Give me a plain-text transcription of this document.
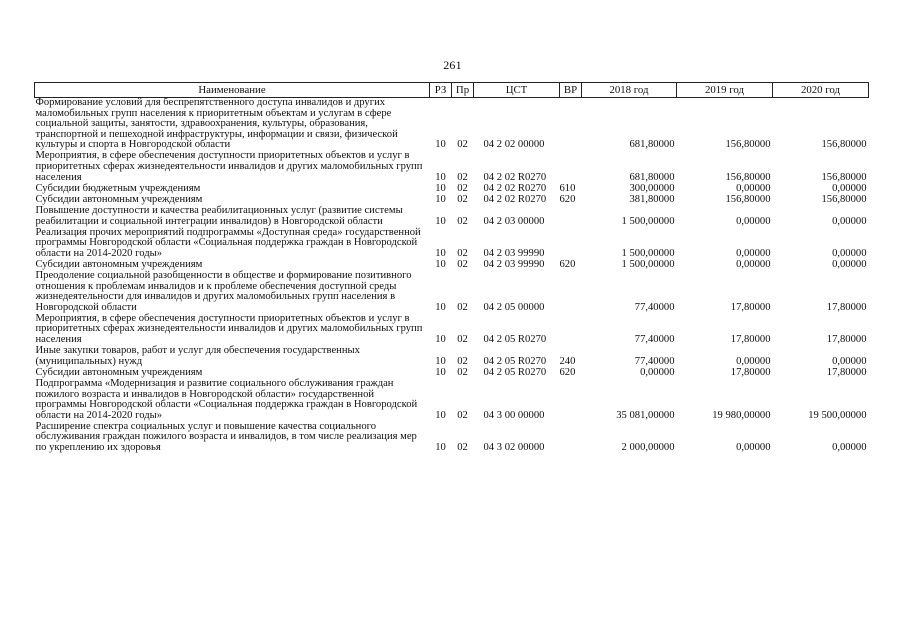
261
Наименование	РЗ	Пр	ЦСТ	ВР	2018 год	2019 год	2020 год
Формирование условий для беспрепятственного доступа инвалидов и других маломобильных групп населения к приоритетным объектам и услугам в сфере социальной защиты, занятости, здравоохранения, культуры, образования, транспортной и пешеходной инфраструктуры, информации и связи, физической культуры и спорта в Новгородской области	10	02	04 2 02 00000		681,80000	156,80000	156,80000
Мероприятия, в сфере обеспечения доступности приоритетных объектов и услуг в приоритетных сферах жизнедеятельности инвалидов и других маломобильных групп населения	10	02	04 2 02 R0270		681,80000	156,80000	156,80000
Субсидии бюджетным учреждениям	10	02	04 2 02 R0270	610	300,00000	0,00000	0,00000
Субсидии автономным учреждениям	10	02	04 2 02 R0270	620	381,80000	156,80000	156,80000
Повышение доступности и качества реабилитационных услуг (развитие системы реабилитации и социальной интеграции инвалидов) в Новгородской области	10	02	04 2 03 00000		1 500,00000	0,00000	0,00000
Реализация прочих мероприятий подпрограммы «Доступная среда» государственной программы Новгородской области «Социальная поддержка граждан в Новгородской области на 2014-2020 годы»	10	02	04 2 03 99990		1 500,00000	0,00000	0,00000
Субсидии автономным учреждениям	10	02	04 2 03 99990	620	1 500,00000	0,00000	0,00000
Преодоление социальной разобщенности в обществе и формирование позитивного отношения к проблемам инвалидов и к проблеме обеспечения доступной среды жизнедеятельности для инвалидов и других маломобильных групп населения в Новгородской области	10	02	04 2 05 00000		77,40000	17,80000	17,80000
Мероприятия, в сфере обеспечения доступности приоритетных объектов и услуг в приоритетных сферах жизнедеятельности инвалидов и других маломобильных групп населения	10	02	04 2 05 R0270		77,40000	17,80000	17,80000
Иные закупки товаров, работ и услуг для обеспечения государственных (муниципальных) нужд	10	02	04 2 05 R0270	240	77,40000	0,00000	0,00000
Субсидии автономным учреждениям	10	02	04 2 05 R0270	620	0,00000	17,80000	17,80000
Подпрограмма «Модернизация и развитие социального обслуживания граждан пожилого возраста и инвалидов в Новгородской области» государственной программы Новгородской области «Социальная поддержка граждан в Новгородской области на 2014-2020 годы»	10	02	04 3 00 00000		35 081,00000	19 980,00000	19 500,00000
Расширение спектра социальных услуг и повышение качества социального обслуживания граждан пожилого возраста и инвалидов, в том числе реализация мер по укреплению их здоровья	10	02	04 3 02 00000		2 000,00000	0,00000	0,00000
